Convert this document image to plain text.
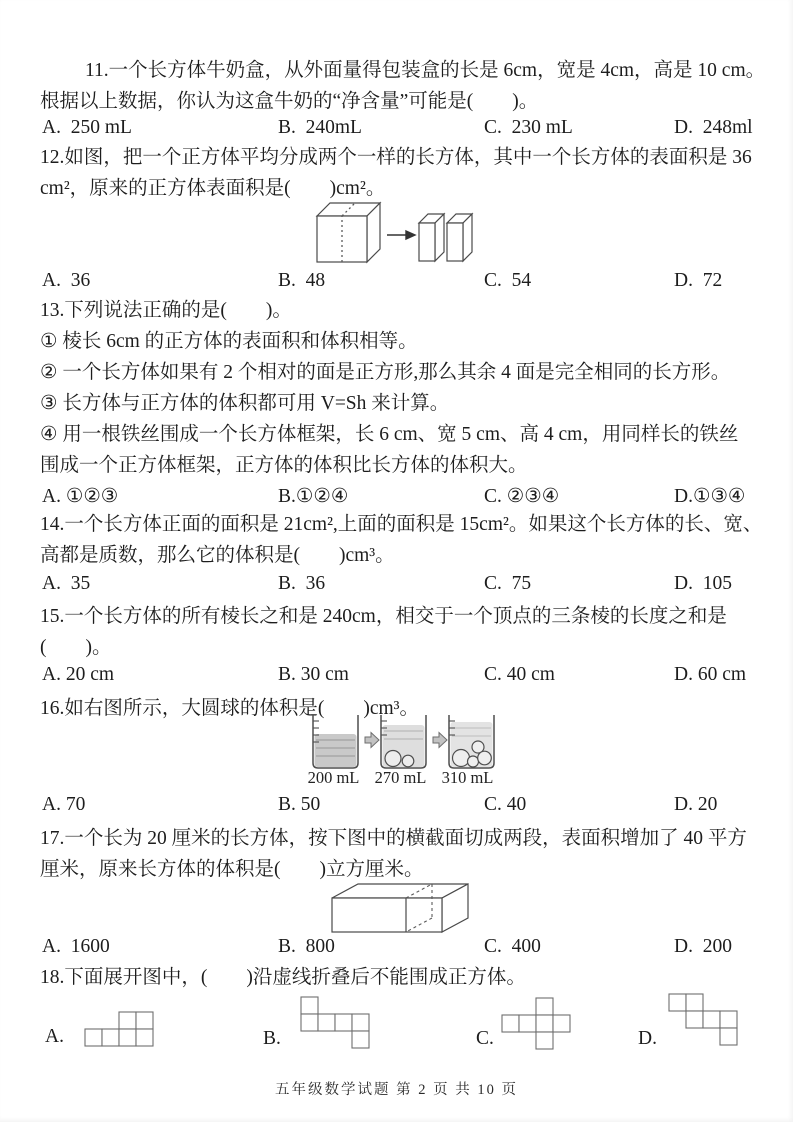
11.一个长方体牛奶盒，从外面量得包装盒的长是 6cm，宽是 4cm，高是 10 cm。
根据以上数据，你认为这盒牛奶的“净含量”可能是(        )。
A.  250 mL	B.  240mL	C.  230 mL	D.  248ml
12.如图，把一个正方体平均分成两个一样的长方体，其中一个长方体的表面积是 36
cm²，原来的正方体表面积是(        )cm²。
A.  36	B.  48	C.  54	D.  72
13.下列说法正确的是(        )。
① 棱长 6cm 的正方体的表面积和体积相等。
② 一个长方体如果有 2 个相对的面是正方形,那么其余 4 面是完全相同的长方形。
③ 长方体与正方体的体积都可用 V=Sh 来计算。
④ 用一根铁丝围成一个长方体框架，长 6 cm、宽 5 cm、高 4 cm，用同样长的铁丝
围成一个正方体框架，正方体的体积比长方体的体积大。
A. ①②③	B.①②④	C. ②③④	D.①③④
14.一个长方体正面的面积是 21cm²,上面的面积是 15cm²。如果这个长方体的长、宽、
高都是质数，那么它的体积是(        )cm³。
A.  35	B.  36	C.  75	D.  105
15.一个长方体的所有棱长之和是 240cm，相交于一个顶点的三条棱的长度之和是
(        )。
A. 20 cm	B. 30 cm	C. 40 cm	D. 60 cm
16.如右图所示，大圆球的体积是(        )cm³。
200 mL 270 mL 310 mL
A. 70	B. 50	C. 40	D. 20
17.一个长为 20 厘米的长方体，按下图中的横截面切成两段，表面积增加了 40 平方
厘米，原来长方体的体积是(        )立方厘米。
A.  1600	B.  800	C.  400	D.  200
18.下面展开图中，(        )沿虚线折叠后不能围成正方体。
A.	B.	C.	D.
五年级数学试题 第 2 页 共 10 页
